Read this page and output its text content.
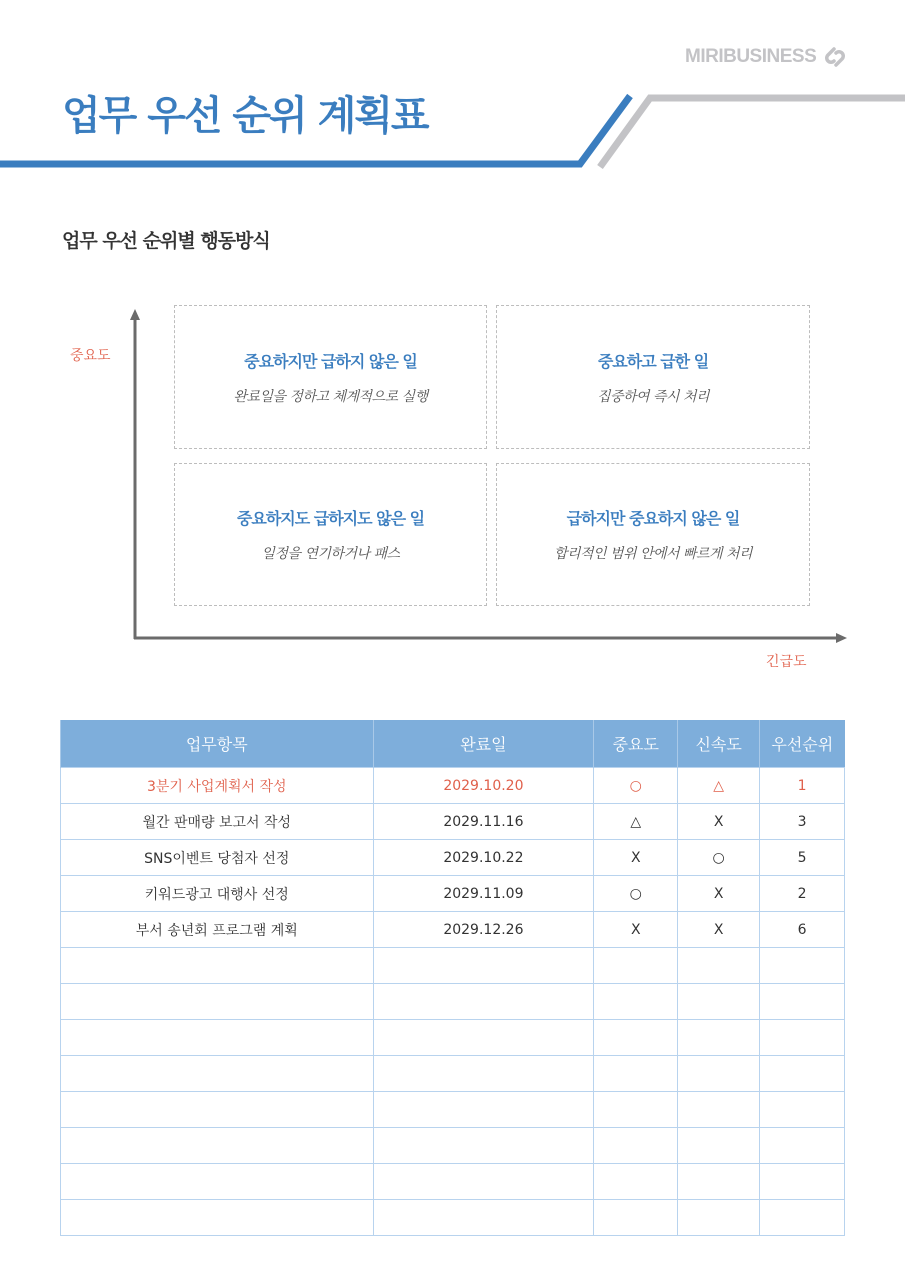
MIRIBUSINESS
업무 우선 순위 계획표
업무 우선 순위별 행동방식
중요도
긴급도
중요하지만 급하지 않은 일
완료일을 정하고 체계적으로 실행
중요하고 급한 일
집중하여 즉시 처리
중요하지도 급하지도 않은 일
일정을 연기하거나 패스
급하지만 중요하지 않은 일
합리적인 범위 안에서 빠르게 처리
업무항목	완료일	중요도	신속도	우선순위
3분기 사업계획서 작성	2029.10.20	○	△	1
월간 판매량 보고서 작성	2029.11.16	△	X	3
SNS이벤트 당첨자 선정	2029.10.22	X	○	5
키워드광고 대행사 선정	2029.11.09	○	X	2
부서 송년회 프로그램 계획	2029.12.26	X	X	6
